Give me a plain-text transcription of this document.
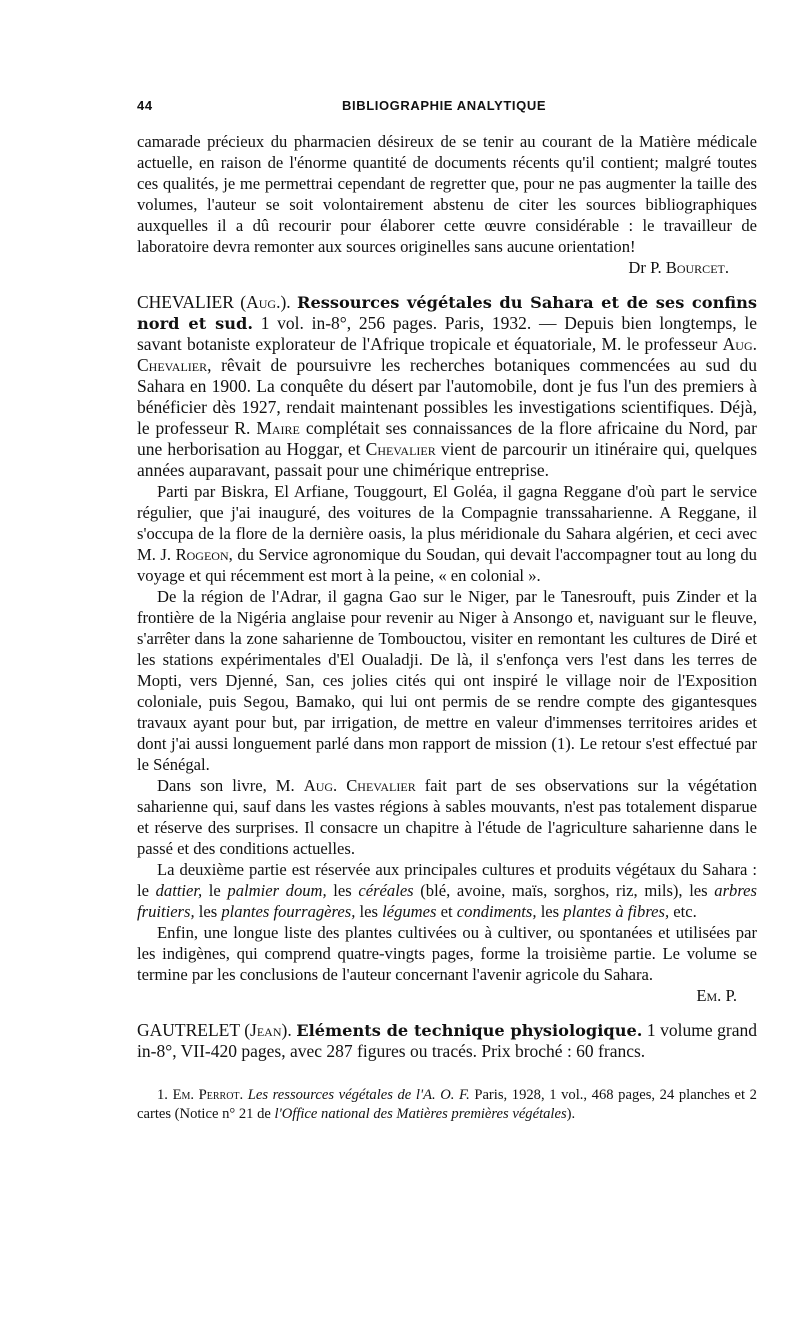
44	BIBLIOGRAPHIE ANALYTIQUE

camarade précieux du pharmacien désireux de se tenir au courant de la Matière médicale actuelle, en raison de l'énorme quantité de documents récents qu'il contient; malgré toutes ces qualités, je me permettrai cependant de regretter que, pour ne pas augmenter la taille des volumes, l'auteur se soit volontairement abstenu de citer les sources bibliographiques auxquelles il a dû recourir pour élaborer cette œuvre considérable : le travailleur de laboratoire devra remonter aux sources originelles sans aucune orientation!

Dr P. Bourcet.

CHEVALIER (Aug.). Ressources végétales du Sahara et de ses confins nord et sud. 1 vol. in-8°, 256 pages. Paris, 1932. — Depuis bien longtemps, le savant botaniste explorateur de l'Afrique tropicale et équatoriale, M. le professeur Aug. Chevalier, rêvait de poursuivre les recherches botaniques commencées au sud du Sahara en 1900. La conquête du désert par l'automobile, dont je fus l'un des premiers à bénéficier dès 1927, rendait maintenant possibles les investigations scientifiques. Déjà, le professeur R. Maire complétait ses connaissances de la flore africaine du Nord, par une herborisation au Hoggar, et Chevalier vient de parcourir un itinéraire qui, quelques années auparavant, passait pour une chimérique entreprise.

Parti par Biskra, El Arfiane, Touggourt, El Goléa, il gagna Reggane d'où part le service régulier, que j'ai inauguré, des voitures de la Compagnie transsaharienne. A Reggane, il s'occupa de la flore de la dernière oasis, la plus méridionale du Sahara algérien, et ceci avec M. J. Rogeon, du Service agronomique du Soudan, qui devait l'accompagner tout au long du voyage et qui récemment est mort à la peine, « en colonial ».

De la région de l'Adrar, il gagna Gao sur le Niger, par le Tanesrouft, puis Zinder et la frontière de la Nigéria anglaise pour revenir au Niger à Ansongo et, naviguant sur le fleuve, s'arrêter dans la zone saharienne de Tombouctou, visiter en remontant les cultures de Diré et les stations expérimentales d'El Oualadji. De là, il s'enfonça vers l'est dans les terres de Mopti, vers Djenné, San, ces jolies cités qui ont inspiré le village noir de l'Exposition coloniale, puis Segou, Bamako, qui lui ont permis de se rendre compte des gigantesques travaux ayant pour but, par irrigation, de mettre en valeur d'immenses territoires arides et dont j'ai aussi longuement parlé dans mon rapport de mission (1). Le retour s'est effectué par le Sénégal.

Dans son livre, M. Aug. Chevalier fait part de ses observations sur la végétation saharienne qui, sauf dans les vastes régions à sables mouvants, n'est pas totalement disparue et réserve des surprises. Il consacre un chapitre à l'étude de l'agriculture saharienne dans le passé et des conditions actuelles.

La deuxième partie est réservée aux principales cultures et produits végétaux du Sahara : le dattier, le palmier doum, les céréales (blé, avoine, maïs, sorghos, riz, mils), les arbres fruitiers, les plantes fourragères, les légumes et condiments, les plantes à fibres, etc.

Enfin, une longue liste des plantes cultivées ou à cultiver, ou spontanées et utilisées par les indigènes, qui comprend quatre-vingts pages, forme la troisième partie. Le volume se termine par les conclusions de l'auteur concernant l'avenir agricole du Sahara.

Em. P.

GAUTRELET (Jean). Eléments de technique physiologique. 1 volume grand in-8°, VII-420 pages, avec 287 figures ou tracés. Prix broché : 60 francs.

1. Em. Perrot. Les ressources végétales de l'A. O. F. Paris, 1928, 1 vol., 468 pages, 24 planches et 2 cartes (Notice n° 21 de l'Office national des Matières premières végétales).
